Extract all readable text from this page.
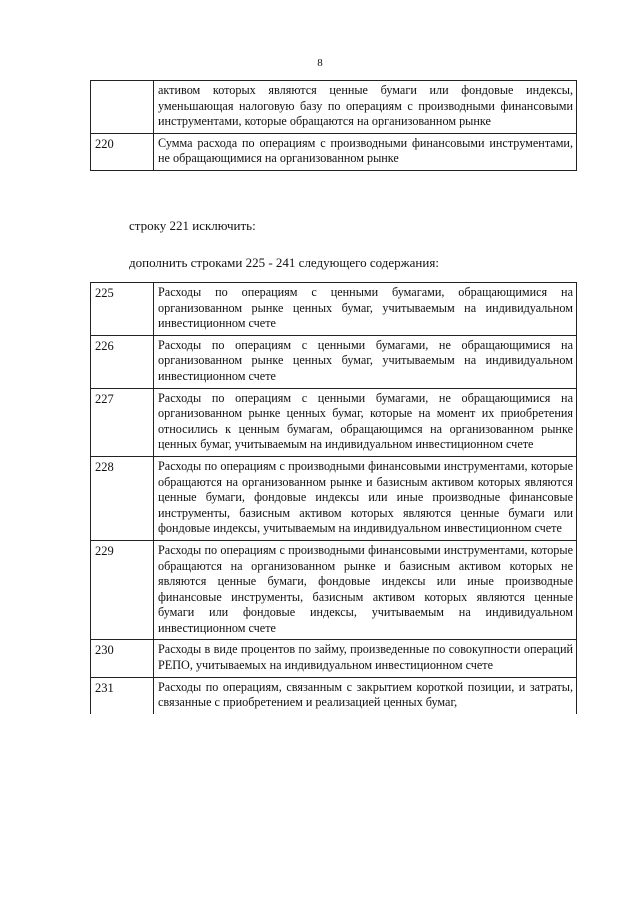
8
	активом которых являются ценные бумаги или фондовые индексы, уменьшающая налоговую базу по операциям с производными финансовыми инструментами, которые обращаются на организованном рынке
220	Сумма расхода по операциям с производными финансовыми инструментами, не обращающимися на организованном рынке
строку 221 исключить:
дополнить строками 225 - 241 следующего содержания:
225	Расходы по операциям с ценными бумагами, обращающимися на организованном рынке ценных бумаг, учитываемым на индивидуальном инвестиционном счете
226	Расходы по операциям с ценными бумагами, не обращающимися на организованном рынке ценных бумаг, учитываемым на индивидуальном инвестиционном счете
227	Расходы по операциям с ценными бумагами, не обращающимися на организованном рынке ценных бумаг, которые на момент их приобретения относились к ценным бумагам, обращающимся на организованном рынке ценных бумаг, учитываемым на индивидуальном инвестиционном счете
228	Расходы по операциям с производными финансовыми инструментами, которые обращаются на организованном рынке и базисным активом которых являются ценные бумаги, фондовые индексы или иные производные финансовые инструменты, базисным активом которых являются ценные бумаги или фондовые индексы, учитываемым на индивидуальном инвестиционном счете
229	Расходы по операциям с производными финансовыми инструментами, которые обращаются на организованном рынке и базисным активом которых не являются ценные бумаги, фондовые индексы или иные производные финансовые инструменты, базисным активом которых являются ценные бумаги или фондовые индексы, учитываемым на индивидуальном инвестиционном счете
230	Расходы в виде процентов по займу, произведенные по совокупности операций РЕПО, учитываемых на индивидуальном инвестиционном счете
231	Расходы по операциям, связанным с закрытием короткой позиции, и затраты, связанные с приобретением и реализацией ценных бумаг,
